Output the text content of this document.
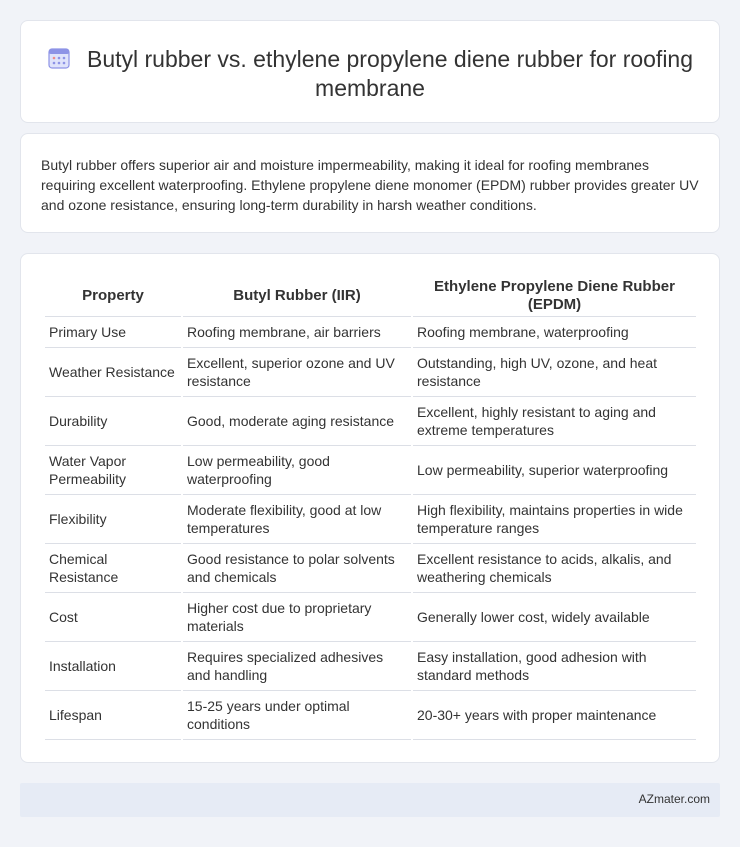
Butyl rubber vs. ethylene propylene diene rubber for roofing membrane

Butyl rubber offers superior air and moisture impermeability, making it ideal for roofing membranes requiring excellent waterproofing. Ethylene propylene diene monomer (EPDM) rubber provides greater UV and ozone resistance, ensuring long-term durability in harsh weather conditions.

Property	Butyl Rubber (IIR)	Ethylene Propylene Diene Rubber (EPDM)
Primary Use	Roofing membrane, air barriers	Roofing membrane, waterproofing
Weather Resistance	Excellent, superior ozone and UV resistance	Outstanding, high UV, ozone, and heat resistance
Durability	Good, moderate aging resistance	Excellent, highly resistant to aging and extreme temperatures
Water Vapor Permeability	Low permeability, good waterproofing	Low permeability, superior waterproofing
Flexibility	Moderate flexibility, good at low temperatures	High flexibility, maintains properties in wide temperature ranges
Chemical Resistance	Good resistance to polar solvents and chemicals	Excellent resistance to acids, alkalis, and weathering chemicals
Cost	Higher cost due to proprietary materials	Generally lower cost, widely available
Installation	Requires specialized adhesives and handling	Easy installation, good adhesion with standard methods
Lifespan	15-25 years under optimal conditions	20-30+ years with proper maintenance
AZmater.com
